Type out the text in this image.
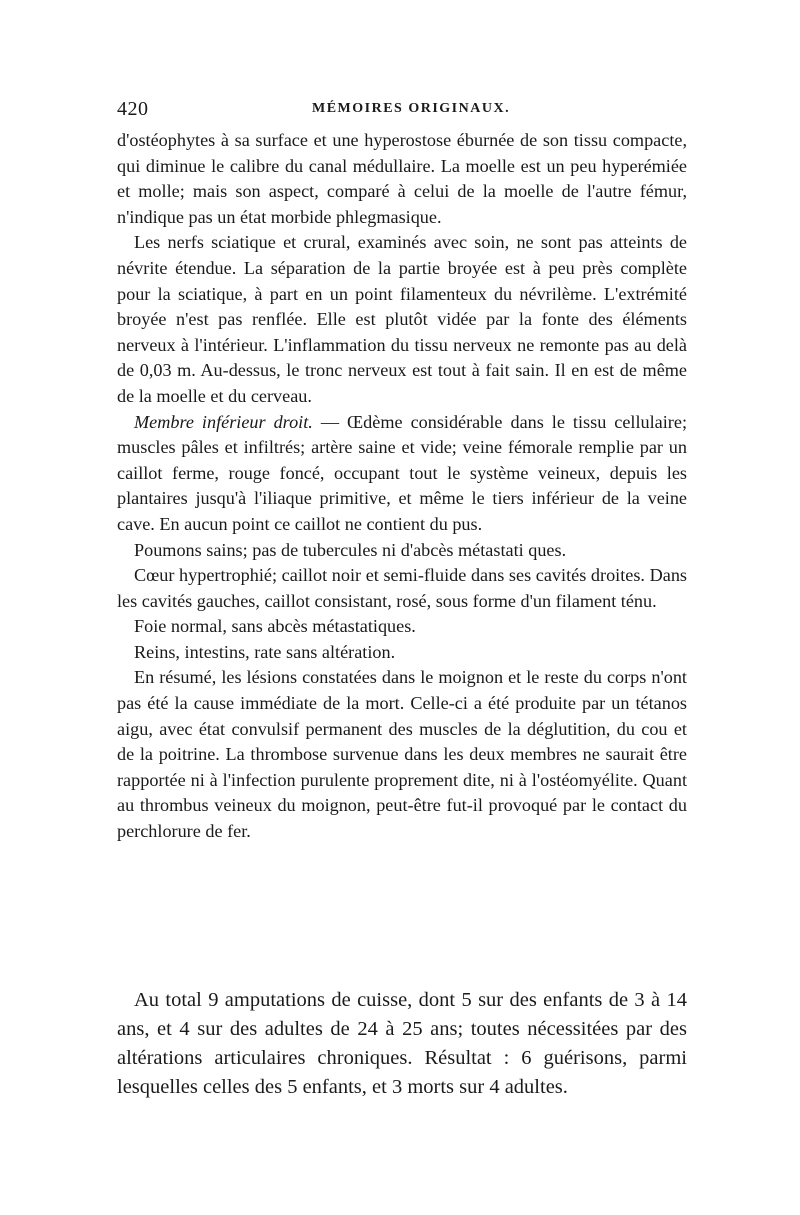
420	MÉMOIRES ORIGINAUX.

d'ostéophytes à sa surface et une hyperostose éburnée de son tissu compacte, qui diminue le calibre du canal médullaire. La moelle est un peu hyperémiée et molle; mais son aspect, comparé à celui de la moelle de l'autre fémur, n'indique pas un état morbide phlegmasique.

Les nerfs sciatique et crural, examinés avec soin, ne sont pas atteints de névrite étendue. La séparation de la partie broyée est à peu près complète pour la sciatique, à part en un point filamenteux du névrilème. L'extrémité broyée n'est pas renflée. Elle est plutôt vidée par la fonte des éléments nerveux à l'intérieur. L'inflammation du tissu nerveux ne remonte pas au delà de 0,03 m. Au-dessus, le tronc nerveux est tout à fait sain. Il en est de même de la moelle et du cerveau.

Membre inférieur droit. — Œdème considérable dans le tissu cellulaire; muscles pâles et infiltrés; artère saine et vide; veine fémorale remplie par un caillot ferme, rouge foncé, occupant tout le système veineux, depuis les plantaires jusqu'à l'iliaque primitive, et même le tiers inférieur de la veine cave. En aucun point ce caillot ne contient du pus.

Poumons sains; pas de tubercules ni d'abcès métastati ques.

Cœur hypertrophié; caillot noir et semi-fluide dans ses cavités droites. Dans les cavités gauches, caillot consistant, rosé, sous forme d'un filament ténu.

Foie normal, sans abcès métastatiques.

Reins, intestins, rate sans altération.

En résumé, les lésions constatées dans le moignon et le reste du corps n'ont pas été la cause immédiate de la mort. Celle-ci a été produite par un tétanos aigu, avec état convulsif permanent des muscles de la déglutition, du cou et de la poitrine. La thrombose survenue dans les deux membres ne saurait être rapportée ni à l'infection purulente proprement dite, ni à l'ostéomyélite. Quant au thrombus veineux du moignon, peut-être fut-il provoqué par le contact du perchlorure de fer.

Au total 9 amputations de cuisse, dont 5 sur des enfants de 3 à 14 ans, et 4 sur des adultes de 24 à 25 ans; toutes nécessitées par des altérations articulaires chroniques. Résultat : 6 guérisons, parmi lesquelles celles des 5 enfants, et 3 morts sur 4 adultes.
